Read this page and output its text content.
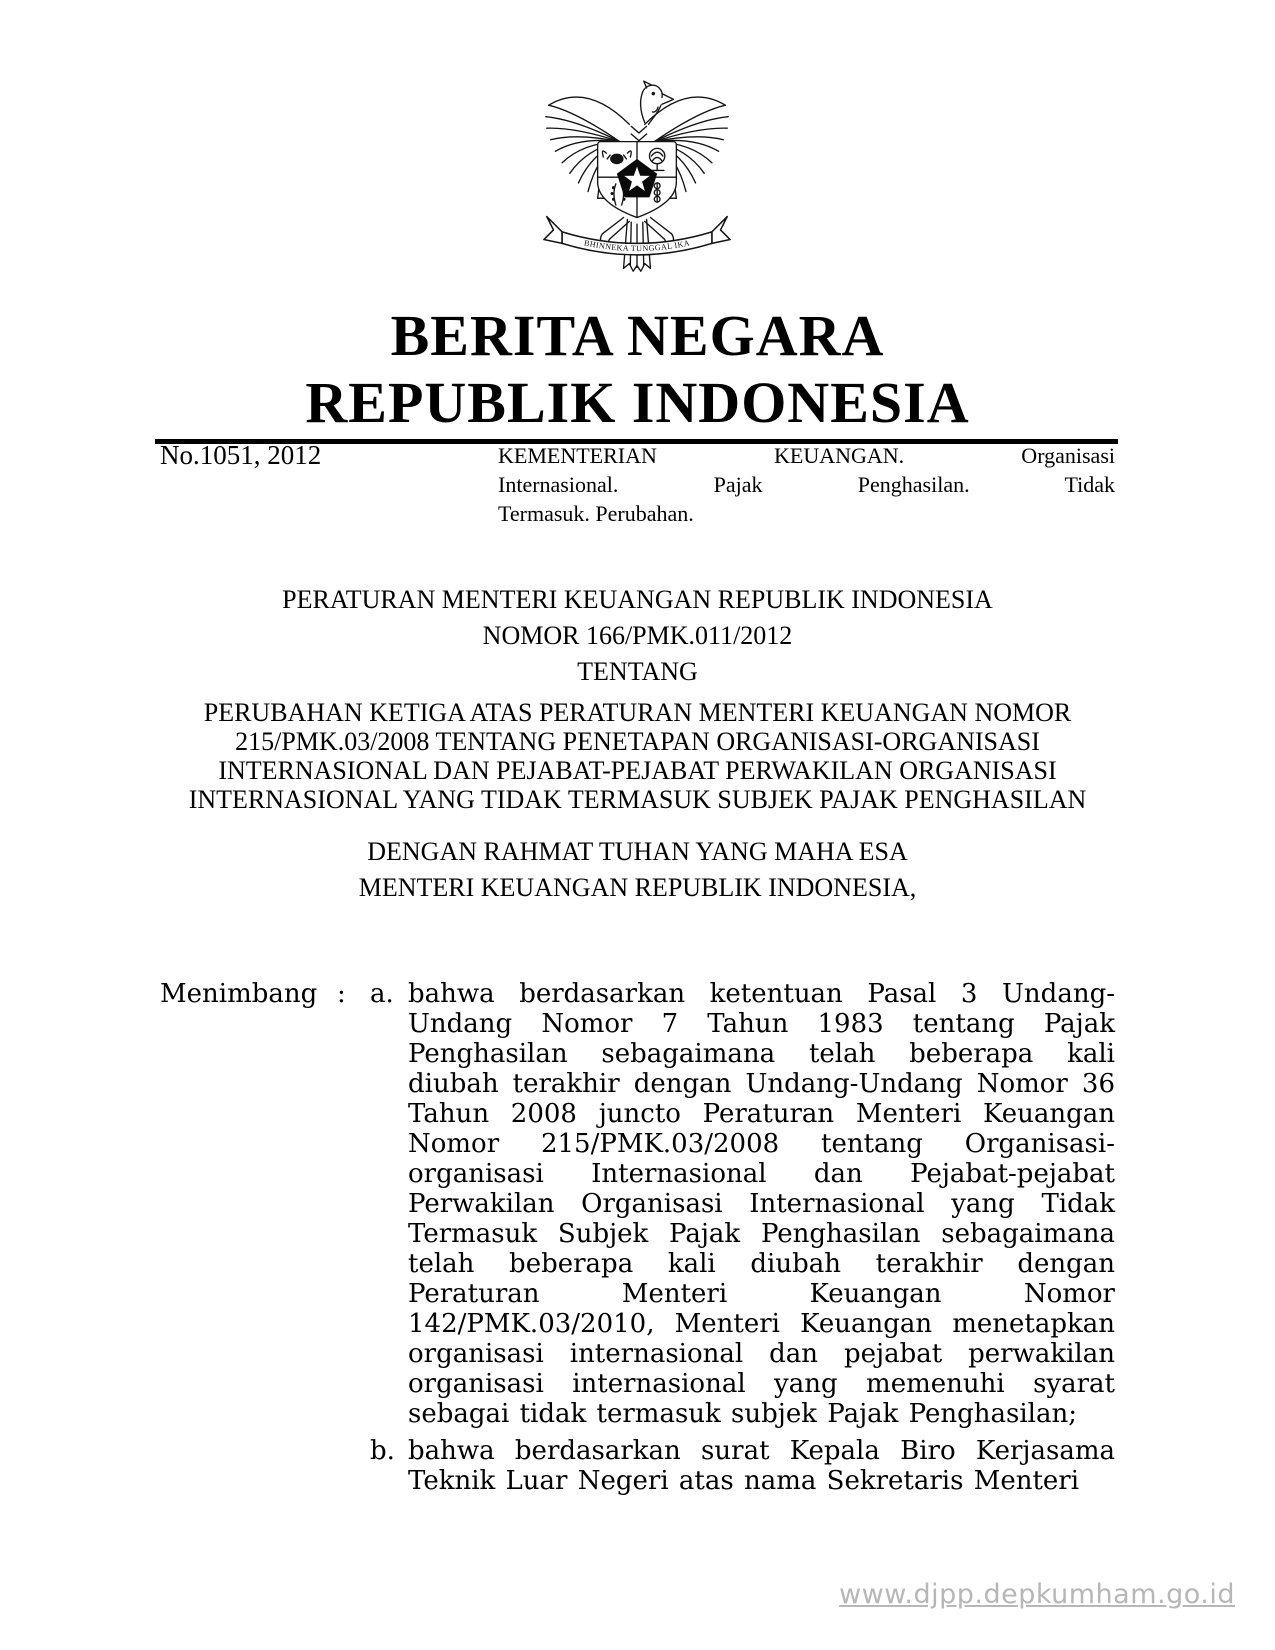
BHINNEKA TUNGGAL IKA
BERITA NEGARA
REPUBLIK INDONESIA
No.1051, 2012	KEMENTERIAN KEUANGAN. Organisasi
Internasional. Pajak Penghasilan. Tidak
Termasuk. Perubahan.
PERATURAN MENTERI KEUANGAN REPUBLIK INDONESIA
NOMOR 166/PMK.011/2012
TENTANG
PERUBAHAN KETIGA ATAS PERATURAN MENTERI KEUANGAN NOMOR 215/PMK.03/2008 TENTANG PENETAPAN ORGANISASI-ORGANISASI INTERNASIONAL DAN PEJABAT-PEJABAT PERWAKILAN ORGANISASI INTERNASIONAL YANG TIDAK TERMASUK SUBJEK PAJAK PENGHASILAN
DENGAN RAHMAT TUHAN YANG MAHA ESA
MENTERI KEUANGAN REPUBLIK INDONESIA,
Menimbang : a. bahwa berdasarkan ketentuan Pasal 3 Undang-Undang Nomor 7 Tahun 1983 tentang Pajak Penghasilan sebagaimana telah beberapa kali diubah terakhir dengan Undang-Undang Nomor 36 Tahun 2008 juncto Peraturan Menteri Keuangan Nomor 215/PMK.03/2008 tentang Organisasi-organisasi Internasional dan Pejabat-pejabat Perwakilan Organisasi Internasional yang Tidak Termasuk Subjek Pajak Penghasilan sebagaimana telah beberapa kali diubah terakhir dengan Peraturan Menteri Keuangan Nomor 142/PMK.03/2010, Menteri Keuangan menetapkan organisasi internasional dan pejabat perwakilan organisasi internasional yang memenuhi syarat sebagai tidak termasuk subjek Pajak Penghasilan;
b. bahwa berdasarkan surat Kepala Biro Kerjasama Teknik Luar Negeri atas nama Sekretaris Menteri
www.djpp.depkumham.go.id
